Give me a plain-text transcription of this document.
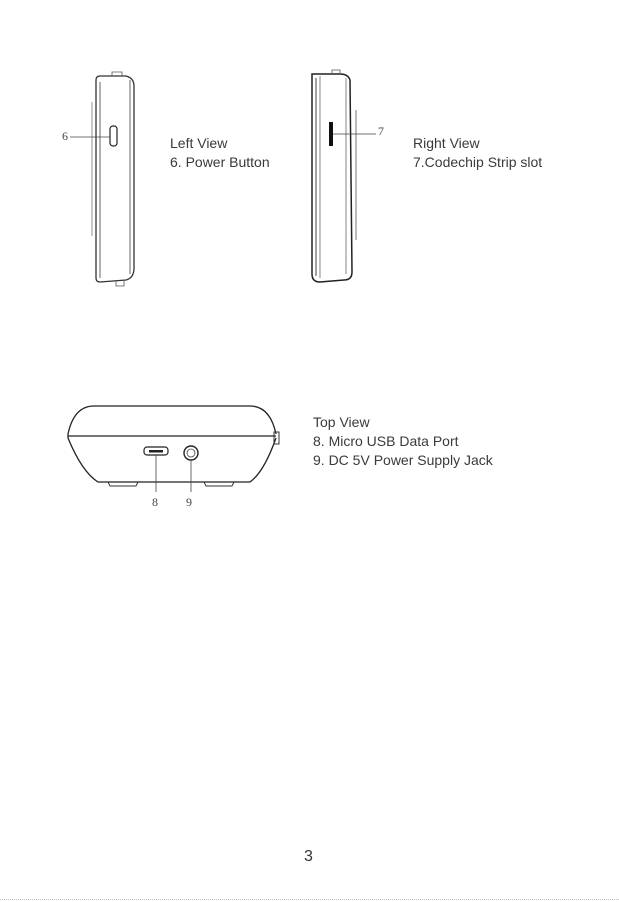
6	Left View
6. Power Button
7
Right View
7.Codechip Strip slot
8 9
Top View
8. Micro USB Data Port
9. DC 5V Power Supply Jack
3
